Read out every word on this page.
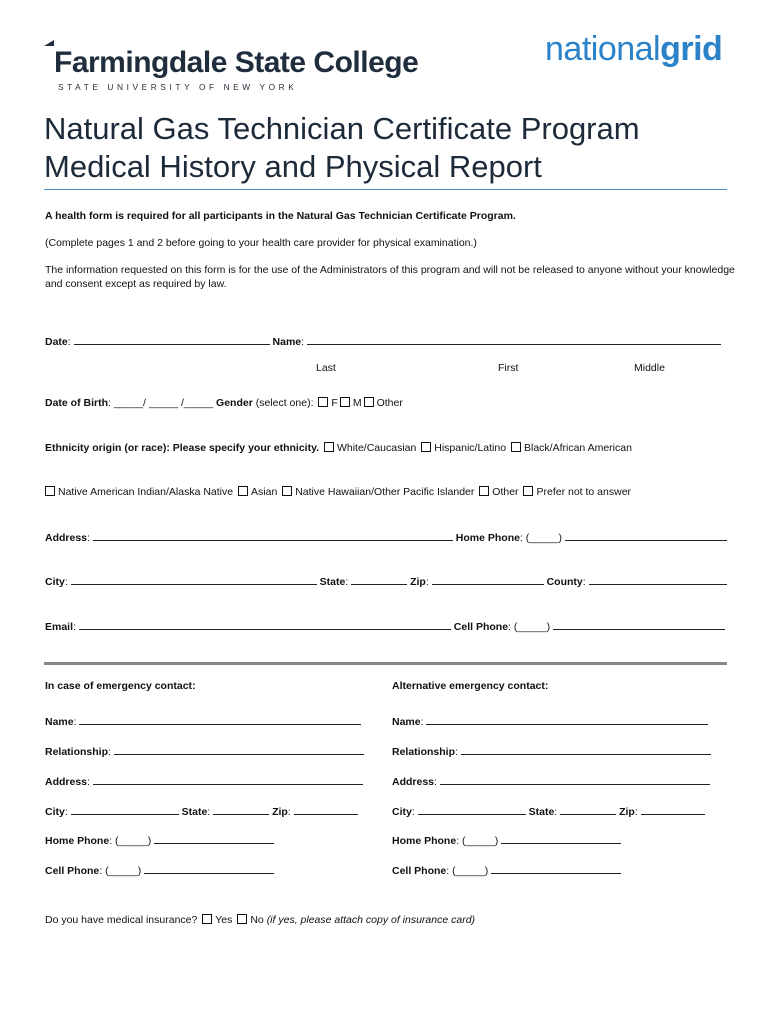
Farmingdale State College
STATE UNIVERSITY OF NEW YORK
nationalgrid
Natural Gas Technician Certificate Program
Medical History and Physical Report
A health form is required for all participants in the Natural Gas Technician Certificate Program.
(Complete pages 1 and 2 before going to your health care provider for physical examination.)
The information requested on this form is for the use of the Administrators of this program and will not be released to anyone without your knowledge
and consent except as required by law.
Date:	Name:
Last	First	Middle
Date of Birth: _____/ _____ /_____ Gender (select one): F M Other
Ethnicity origin (or race): Please specify your ethnicity. White/Caucasian Hispanic/Latino Black/African American
Native American Indian/Alaska Native Asian Native Hawaiian/Other Pacific Islander Other Prefer not to answer
Address:	Home Phone: (_____)
City:	State:	Zip:	County:
Email:	Cell Phone: (_____)
In case of emergency contact:	Alternative emergency contact:
Name:	Name:
Relationship:	Relationship:
Address:	Address:
City:	State:	Zip:	City:	State:	Zip:
Home Phone: (_____)	Home Phone: (_____)
Cell Phone: (_____)	Cell Phone: (_____)
Do you have medical insurance? Yes No (if yes, please attach copy of insurance card)
